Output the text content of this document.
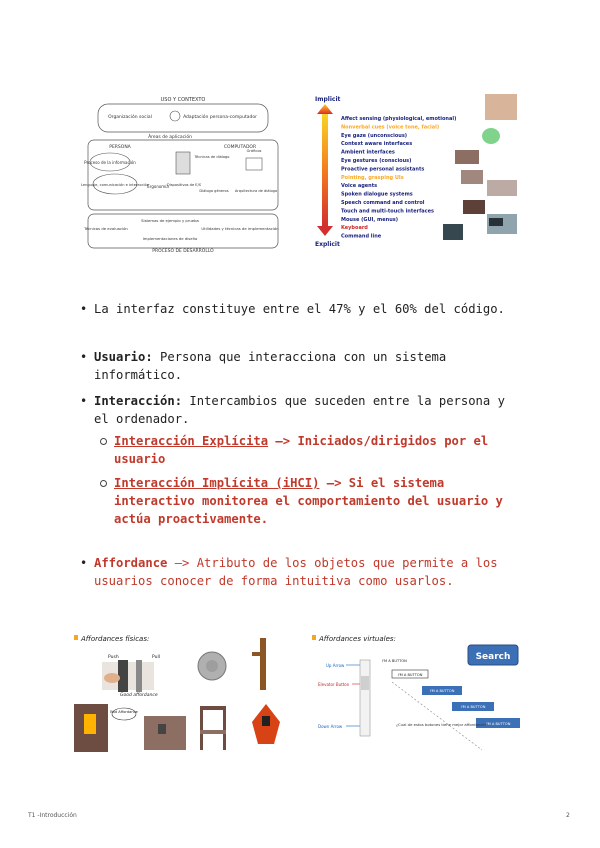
USO Y CONTEXTO
Organización social	Adaptación persona-computador
Áreas de aplicación
PERSONA	COMPUTADOR
Proceso de la información
Lenguaje, comunicación e interacción
Ergonomía
Dispositivos de E/S
Técnicas de diálogo
Diálogo géneros
Gráficos
Arquitectura de diálogo
Técnicas de evaluación
Sistemas de ejemplo y prueba
Implementaciones de diseño
Utilidades y técnicas de implementación
PROCESO DE DESARROLLO
Implicit
Explicit
Affect sensing (physiological, emotional)
Nonverbal cues (voice tone, facial)
Eye gaze (unconscious)
Context aware interfaces
Ambient interfaces
Eye gestures (conscious)
Proactive personal assistants
Pointing, grasping UIs
Voice agents
Spoken dialogue systems
Speech command and control
Touch and multi-touch interfaces
Mouse (GUI, menus)
Keyboard
Command line
• La interfaz constituye entre el 47% y el 60% del código.
• Usuario: Persona que interacciona con un sistema informático.
• Interacción: Intercambios que suceden entre la persona y el ordenador.
Interacción Explícita —> Iniciados/dirigidos por el usuario
Interacción Implícita (iHCI) —> Si el sistema interactivo monitorea el comportamiento del usuario y actúa proactivamente.
• Affordance —> Atributo de los objetos que permite a los usuarios conocer de forma intuitiva como usarlos.
Affordances físicas:
Push	Pull
Good affordance
Bad Affordance
Affordances virtuales:
Search
Up Arrow
Elevator Button
Down Arrow
I'M A BUTTON
I'M A BUTTON
I'M A BUTTON
I'M A BUTTON
I'M A BUTTON
¿Cual de estos botones tiene mejor affordance?
T1 -Introducción	2
